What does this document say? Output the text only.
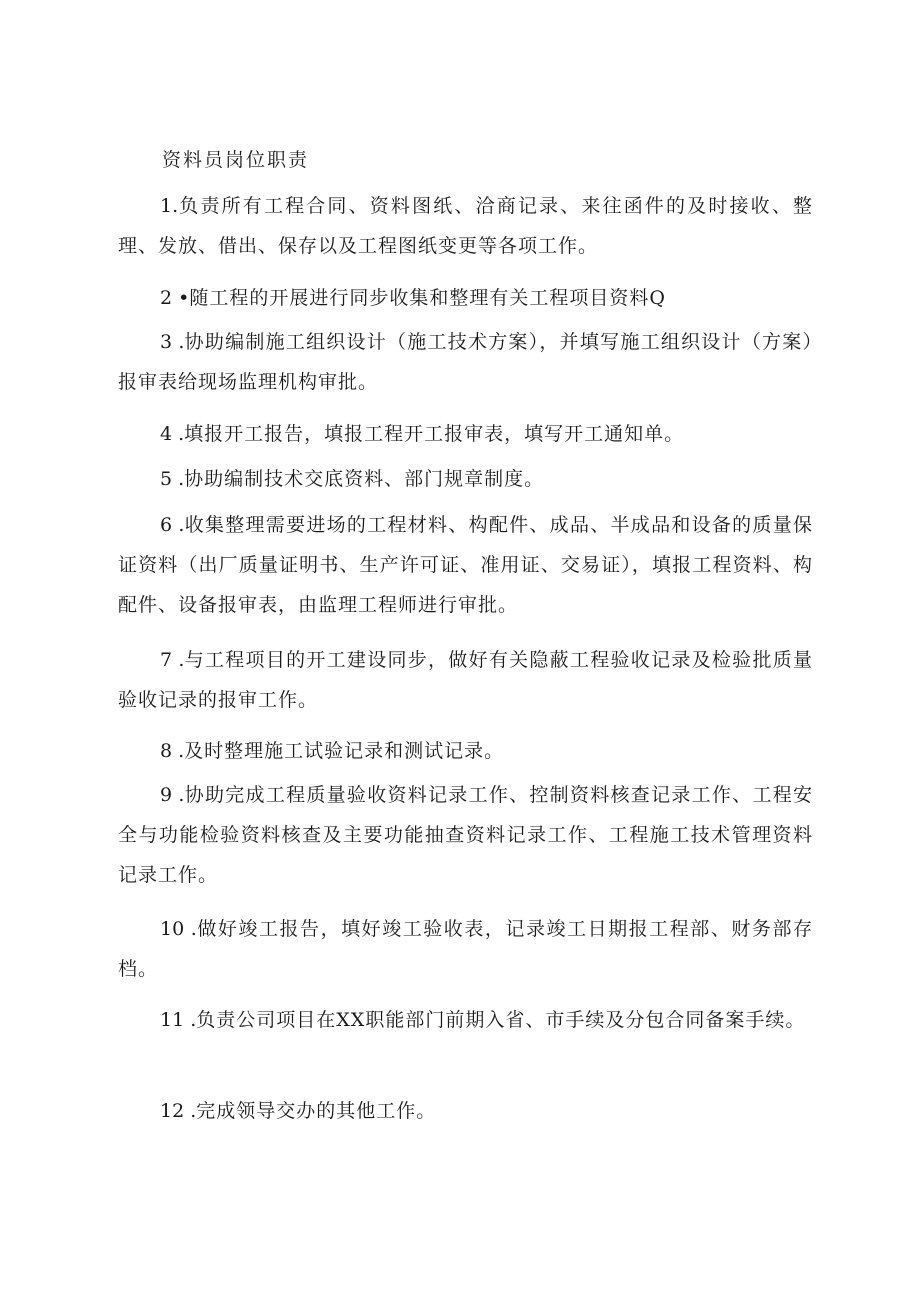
资料员岗位职责

1.负责所有工程合同、资料图纸、洽商记录、来往函件的及时接收、整理、发放、借出、保存以及工程图纸变更等各项工作。

2 •随工程的开展进行同步收集和整理有关工程项目资料Q

3 .协助编制施工组织设计（施工技术方案），并填写施工组织设计（方案）报审表给现场监理机构审批。

4 .填报开工报告，填报工程开工报审表，填写开工通知单。

5 .协助编制技术交底资料、部门规章制度。

6 .收集整理需要进场的工程材料、构配件、成品、半成品和设备的质量保证资料（出厂质量证明书、生产许可证、准用证、交易证），填报工程资料、构配件、设备报审表，由监理工程师进行审批。

7 .与工程项目的开工建设同步，做好有关隐蔽工程验收记录及检验批质量验收记录的报审工作。

8 .及时整理施工试验记录和测试记录。

9 .协助完成工程质量验收资料记录工作、控制资料核查记录工作、工程安全与功能检验资料核查及主要功能抽查资料记录工作、工程施工技术管理资料记录工作。

10 .做好竣工报告，填好竣工验收表，记录竣工日期报工程部、财务部存档。

11 .负责公司项目在XX职能部门前期入省、市手续及分包合同备案手续。

12 .完成领导交办的其他工作。
